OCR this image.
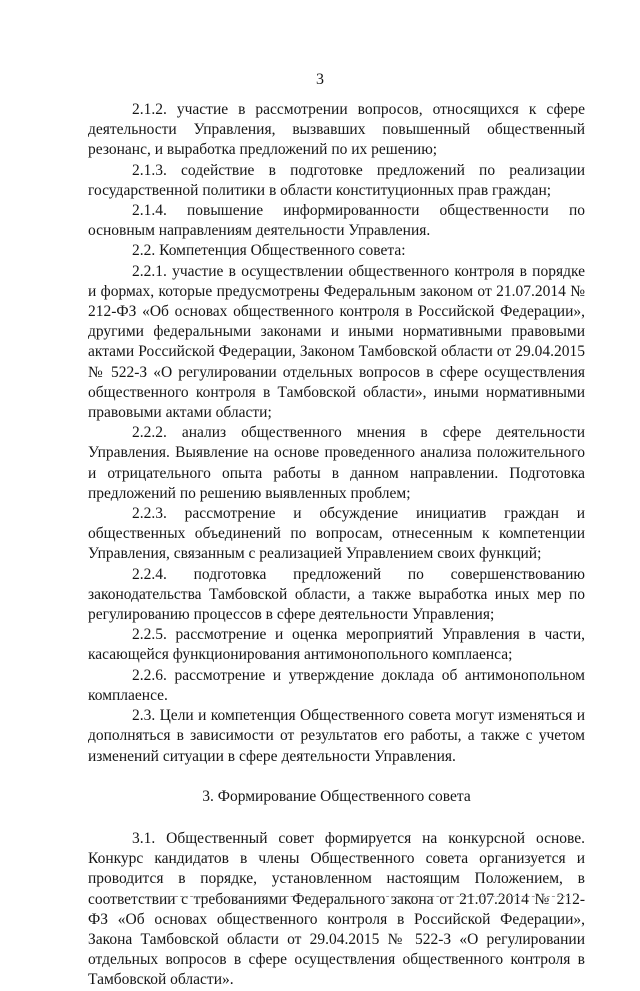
3

2.1.2. участие в рассмотрении вопросов, относящихся к сфере деятельности Управления, вызвавших повышенный общественный резонанс, и выработка предложений по их решению;

2.1.3. содействие в подготовке предложений по реализации государственной политики в области конституционных прав граждан;

2.1.4. повышение информированности общественности по основным направлениям деятельности Управления.

2.2. Компетенция Общественного совета:

2.2.1. участие в осуществлении общественного контроля в порядке и формах, которые предусмотрены Федеральным законом от 21.07.2014 № 212-ФЗ «Об основах общественного контроля в Российской Федерации», другими федеральными законами и иными нормативными правовыми актами Российской Федерации, Законом Тамбовской области от 29.04.2015 № 522-З «О регулировании отдельных вопросов в сфере осуществления общественного контроля в Тамбовской области», иными нормативными правовыми актами области;

2.2.2. анализ общественного мнения в сфере деятельности Управления. Выявление на основе проведенного анализа положительного и отрицательного опыта работы в данном направлении. Подготовка предложений по решению выявленных проблем;

2.2.3. рассмотрение и обсуждение инициатив граждан и общественных объединений по вопросам, отнесенным к компетенции Управления, связанным с реализацией Управлением своих функций;

2.2.4. подготовка предложений по совершенствованию законодательства Тамбовской области, а также выработка иных мер по регулированию процессов в сфере деятельности Управления;

2.2.5. рассмотрение и оценка мероприятий Управления в части, касающейся функционирования антимонопольного комплаенса;

2.2.6. рассмотрение и утверждение доклада об антимонопольном комплаенсе.

2.3. Цели и компетенция Общественного совета могут изменяться и дополняться в зависимости от результатов его работы, а также с учетом изменений ситуации в сфере деятельности Управления.

3. Формирование Общественного совета

3.1. Общественный совет формируется на конкурсной основе. Конкурс кандидатов в члены Общественного совета организуется и проводится в порядке, установленном настоящим Положением, в соответствии с требованиями Федерального закона от 21.07.2014 № 212-ФЗ «Об основах общественного контроля в Российской Федерации», Закона Тамбовской области от 29.04.2015 № 522-З «О регулировании отдельных вопросов в сфере осуществления общественного контроля в Тамбовской области».
